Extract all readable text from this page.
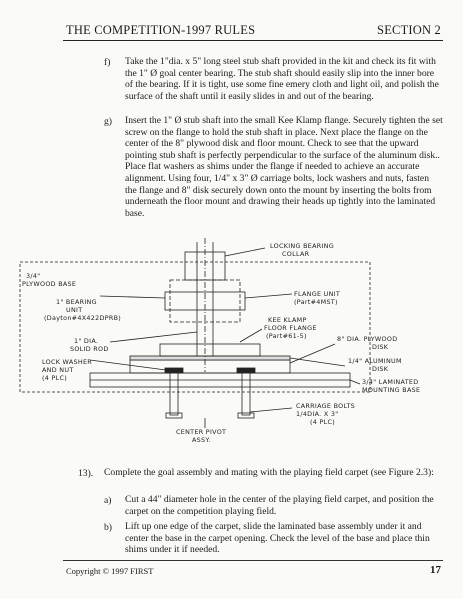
THE COMPETITION-1997 RULES	SECTION 2
f) Take the 1"dia. x 5" long steel stub shaft provided in the kit and check its fit with the 1" Ø goal center bearing. The stub shaft should easily slip into the inner bore of the bearing. If it is tight, use some fine emery cloth and light oil, and polish the surface of the shaft until it easily slides in and out of the bearing.

g) Insert the 1" Ø stub shaft into the small Kee Klamp flange. Securely tighten the set screw on the flange to hold the stub shaft in place. Next place the flange on the center of the 8" plywood disk and floor mount. Check to see that the upward pointing stub shaft is perfectly perpendicular to the surface of the aluminum disk.. Place flat washers as shims under the flange if needed to achieve an accurate alignment. Using four, 1/4" x 3" Ø carriage bolts, lock washers and nuts, fasten the flange and 8" disk securely down onto the mount by inserting the bolts from underneath the floor mount and drawing their heads up tightly into the laminated base.

LOCKING BEARING
COLLAR
3/4"
PLYWOOD BASE
1" BEARING
UNIT
(Dayton#4X422DPRB)
FLANGE UNIT
(Part#4MST)
KEE KLAMP
FLOOR FLANGE
(Part#61-5)
1" DIA.
SOLID ROD
8" DIA. PLYWOOD
DISK
LOCK WASHER
AND NUT
(4 PLC)
1/4" ALUMINUM
DISK
3/4" LAMINATED
MOUNTING BASE
CARRIAGE BOLTS
1/4DIA. X 3"
(4 PLC)
CENTER PIVOT
ASSY.
13). Complete the goal assembly and mating with the playing field carpet (see Figure 2.3):

a) Cut a 44" diameter hole in the center of the playing field carpet, and position the carpet on the competition playing field.

b) Lift up one edge of the carpet, slide the laminated base assembly under it and center the base in the carpet opening. Check the level of the base and place thin shims under it if needed.

Copyright © 1997 FIRST	17
